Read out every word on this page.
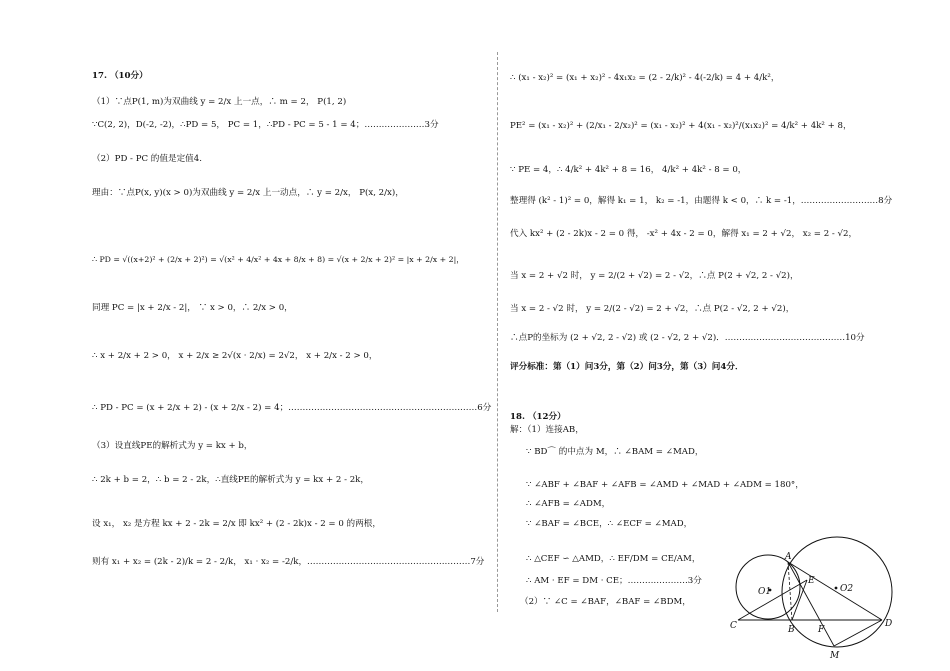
17. （10分）
（1）∵点P(1, m)为双曲线 y = 2/x 上一点，∴ m = 2， P(1, 2)
∵C(2, 2)，D(-2, -2)，∴PD = 5， PC = 1，∴PD - PC = 5 - 1 = 4；…………………3分
（2）PD - PC 的值是定值4.
理由：∵点P(x, y)(x > 0)为双曲线 y = 2/x 上一动点，∴ y = 2/x， P(x, 2/x)，
∴ PD = √((x+2)² + (2/x + 2)²) = √(x² + 4/x² + 4x + 8/x + 8) = √(x + 2/x + 2)² = |x + 2/x + 2|，
同理 PC = |x + 2/x - 2|， ∵ x > 0，∴ 2/x > 0，
∴ x + 2/x + 2 > 0， x + 2/x ≥ 2√(x · 2/x) = 2√2， x + 2/x - 2 > 0，
∴ PD - PC = (x + 2/x + 2) - (x + 2/x - 2) = 4；…………………………………………………………6分
（3）设直线PE的解析式为 y = kx + b，
∴ 2k + b = 2，∴ b = 2 - 2k，∴直线PE的解析式为 y = kx + 2 - 2k，
设 x₁， x₂ 是方程 kx + 2 - 2k = 2/x 即 kx² + (2 - 2k)x - 2 = 0 的两根，
则有 x₁ + x₂ = (2k - 2)/k = 2 - 2/k， x₁ · x₂ = -2/k，…………………………………………………7分
∴ (x₁ - x₂)² = (x₁ + x₂)² - 4x₁x₂ = (2 - 2/k)² - 4(-2/k) = 4 + 4/k²，
PE² = (x₁ - x₂)² + (2/x₁ - 2/x₂)² = (x₁ - x₂)² + 4(x₁ - x₂)²/(x₁x₂)² = 4/k² + 4k² + 8，
∵ PE = 4，∴ 4/k² + 4k² + 8 = 16， 4/k² + 4k² - 8 = 0，
整理得 (k² - 1)² = 0，解得 k₁ = 1， k₂ = -1，由题得 k < 0，∴ k = -1，………………………8分
代入 kx² + (2 - 2k)x - 2 = 0 得， -x² + 4x - 2 = 0，解得 x₁ = 2 + √2， x₂ = 2 - √2，
当 x = 2 + √2 时， y = 2/(2 + √2) = 2 - √2，∴点 P(2 + √2, 2 - √2)，
当 x = 2 - √2 时， y = 2/(2 - √2) = 2 + √2，∴点 P(2 - √2, 2 + √2)，
∴点P的坐标为 (2 + √2, 2 - √2) 或 (2 - √2, 2 + √2)．……………………………………10分
评分标准：第（1）问3分，第（2）问3分，第（3）问4分．
18. （12分）
解：（1）连接AB，
∵ BD⌒ 的中点为 M，∴ ∠BAM = ∠MAD，
∵ ∠ABF + ∠BAF + ∠AFB = ∠AMD + ∠MAD + ∠ADM = 180°，
∴ ∠AFB = ∠ADM，
∵ ∠BAF = ∠BCE，∴ ∠ECF = ∠MAD，
∴ △CEF ∽ △AMD，∴ EF/DM = CE/AM，
∴ AM · EF = DM · CE；…………………3分
（2）∵ ∠C = ∠BAF，∠BAF = ∠BDM，
A
E
O1	O2
C	B	F
D
M
